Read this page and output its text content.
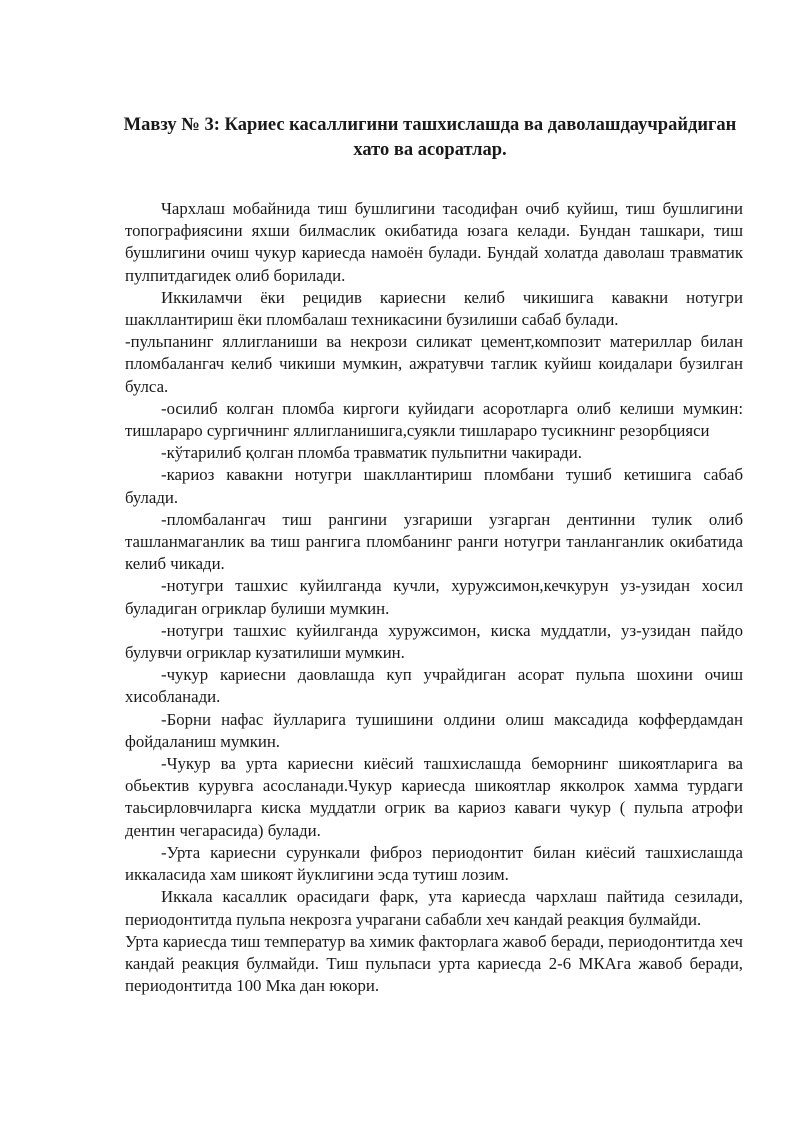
Мавзу № 3: Кариес касаллигини ташхислашда ва даволашдаучрайдиган
хато ва асоратлар.

Чархлаш мобайнида тиш бушлигини тасодифан очиб куйиш, тиш бушлигини топографиясини яхши билмаслик окибатида юзага келади. Бундан ташкари, тиш бушлигини очиш чукур кариесда намоён булади. Бундай холатда даволаш травматик пулпитдагидек олиб борилади.

Иккиламчи ёки рецидив кариесни келиб чикишига кавакни нотугри шакллантириш ёки пломбалаш техникасини бузилиши сабаб булади.

-пульпанинг яллигланиши ва некрози силикат цемент,композит материллар билан пломбалангач келиб чикиши мумкин, ажратувчи таглик куйиш коидалари бузилган булса.

-осилиб колган пломба киргоги куйидаги асоротларга олиб келиши мумкин: тишлараро сургичнинг яллигланишига,суякли тишлараро тусикнинг резорбцияси

-кўтарилиб қолган пломба травматик пульпитни чакиради.

-кариоз кавакни нотугри шакллантириш пломбани тушиб кетишига сабаб булади.

-пломбалангач тиш рангини узгариши узгарган дентинни тулик олиб ташланмаганлик ва тиш рангига пломбанинг ранги нотугри танланганлик окибатида келиб чикади.

-нотугри ташхис куйилганда кучли, хуружсимон,кечкурун уз-узидан хосил буладиган огриклар булиши мумкин.

-нотугри ташхис куйилганда хуружсимон, киска муддатли, уз-узидан пайдо булувчи огриклар кузатилиши мумкин.

-чукур кариесни даовлашда куп учрайдиган асорат пульпа шохини очиш хисобланади.

-Борни нафас йулларига тушишини олдини олиш максадида коффердамдан фойдаланиш мумкин.

-Чукур ва урта кариесни киёсий ташхислашда беморнинг шикоятларига ва обьектив курувга асосланади.Чукур кариесда шикоятлар якколрок хамма турдаги таьсирловчиларга киска муддатли огрик ва кариоз каваги чукур ( пульпа атрофи дентин чегарасида) булади.

-Урта кариесни сурункали фиброз периодонтит билан киёсий ташхислашда иккаласида хам шикоят йуклигини эсда тутиш лозим.

Иккала касаллик орасидаги фарк, ута кариесда чархлаш пайтида сезилади, периодонтитда пульпа некрозга учрагани сабабли хеч кандай реакция булмайди.

Урта кариесда тиш температур ва химик факторлага жавоб беради, периодонтитда хеч кандай реакция булмайди. Тиш пульпаси урта кариесда 2-6 МКАга жавоб беради, периодонтитда 100 Мка дан юкори.
